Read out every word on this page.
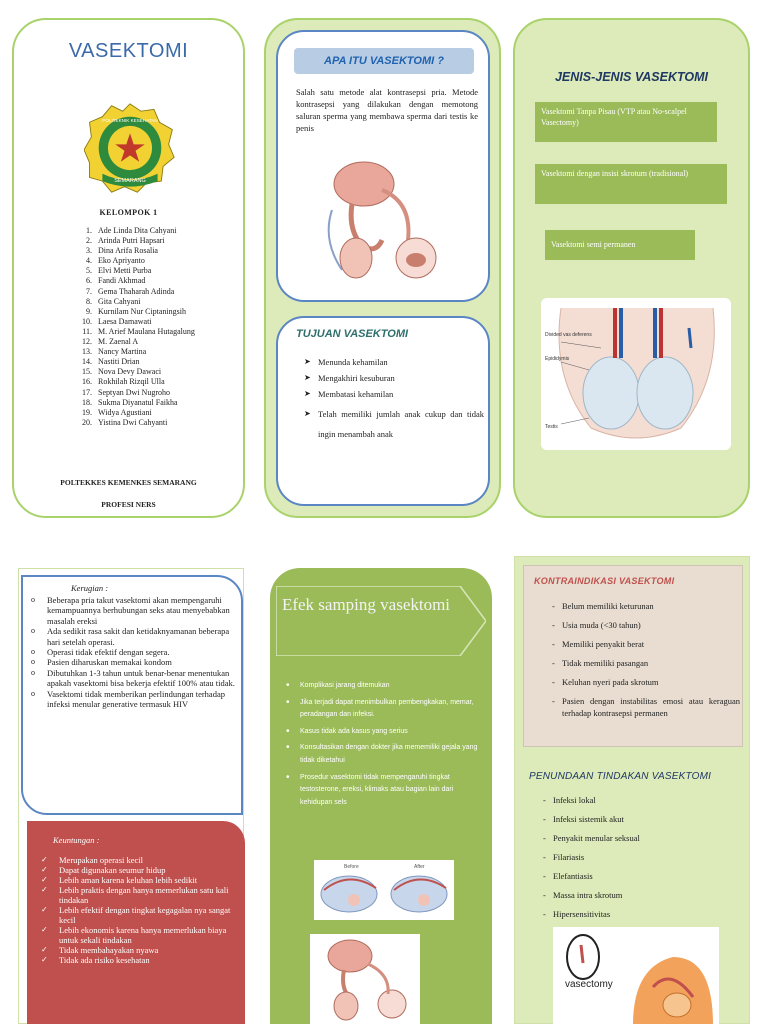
VASEKTOMI
SEMARANG
POLITEKNIK KESEHATAN
KELOMPOK 1
1. Ade Linda Dita Cahyani
2. Arinda Putri Hapsari
3. Dina Arifa Rosalia
4. Eko Apriyanto
5. Elvi Metti Purba
6. Fandi Akhmad
7. Gema Thaharah Adinda
8. Gita Cahyani
9. Kurnilam Nur Ciptaningsih
10. Laesa Damawati
11. M. Arief Maulana Hutagalung
12. M. Zaenal A
13. Nancy Martina
14. Nastiti Drian
15. Nova Devy Dawaci
16. Rokhilah Rizqil Ulla
17. Septyan Dwi Nugroho
18. Sukma Diyanatul Faikha
19. Widya Agustiani
20. Yistina Dwi Cahyanti
POLTEKKES KEMENKES SEMARANG
PROFESI NERS
APA ITU VASEKTOMI ?
Salah satu metode alat kontrasepsi pria. Metode kontrasepsi yang dilakukan dengan memotong saluran sperma yang membawa sperma dari testis ke penis
TUJUAN VASEKTOMI
➤ Menunda kehamilan
➤ Mengakhiri kesuburan
➤ Membatasi kehamilan
➤ Telah memiliki jumlah anak cukup dan tidak ingin menambah anak
JENIS-JENIS VASEKTOMI
Vasektomi Tanpa Pisau (VTP atau No-scalpel Vasectomy)
Vasektomi dengan insisi skrotum (tradisional)
Vasektomi semi permanen
Divided vas deferens
Epididymis
Testis
Kerugian :
o Beberapa pria takut vasektomi akan mempengaruhi kemampuannya berhubungan seks atau menyebabkan masalah ereksi
o Ada sedikit rasa sakit dan ketidaknyamanan beberapa hari setelah operasi.
o Operasi tidak efektif dengan segera.
o Pasien diharuskan memakai kondom
o Dibutuhkan 1-3 tahun untuk benar-benar menentukan apakah vasektomi bisa bekerja efektif 100% atau tidak.
o Vasektomi tidak memberikan perlindungan terhadap infeksi menular generative termasuk HIV
Keuntungan :
✓ Merupakan operasi kecil
✓ Dapat digunakan seumur hidup
✓ Lebih aman karena keluhan lebih sedikit
✓ Lebih praktis dengan hanya memerlukan satu kali tindakan
✓ Lebih efektif dengan tingkat kegagalan nya sangat kecil
✓ Lebih ekonomis karena hanya memerlukan biaya untuk sekali tindakan
✓ Tidak membahayakan nyawa
✓ Tidak ada risiko kesehatan
Efek samping vasektomi
• Komplikasi jarang ditemukan
• Jika terjadi dapat menimbulkan pembengkakan, memar, peradangan dan infeksi.
• Kasus tidak ada kasus yang serius
• Konsultasikan dengan dokter jika mememiliki gejala yang tidak diketahui
• Prosedur vasektomi tidak mempengaruhi tingkat testosterone, ereksi, klimaks atau bagian lain dari kehidupan sels
Before	After
KONTRAINDIKASI VASEKTOMI
- Belum memiliki keturunan
- Usia muda (<30 tahun)
- Memiliki penyakit berat
- Tidak memiliki pasangan
- Keluhan nyeri pada skrotum
- Pasien dengan instabilitas emosi atau keraguan terhadap kontrasepsi permanen
PENUNDAAN TINDAKAN VASEKTOMI
- Infeksi lokal
- Infeksi sistemik akut
- Penyakit menular seksual
- Filariasis
- Elefantiasis
- Massa intra skrotum
- Hipersensitivitas
vasectomy
